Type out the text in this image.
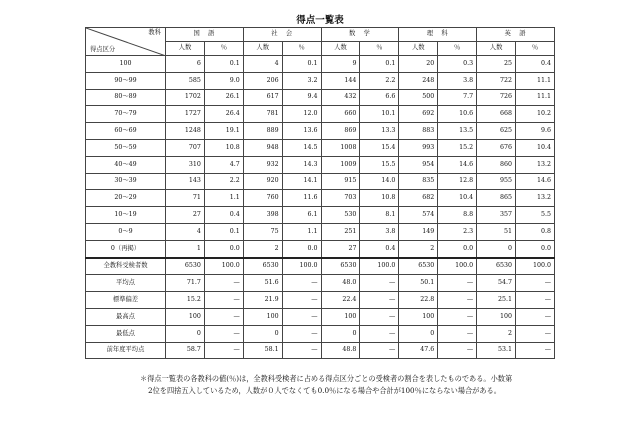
得点一覧表
教科
得点区分	国　語		社　会		数　学		理　科		英　語	
	人数	％	人数	％	人数	％	人数	％	人数	％
100	6	0.1	4	0.1	9	0.1	20	0.3	25	0.4
90〜99	585	9.0	206	3.2	144	2.2	248	3.8	722	11.1
80〜89	1702	26.1	617	9.4	432	6.6	500	7.7	726	11.1
70〜79	1727	26.4	781	12.0	660	10.1	692	10.6	668	10.2
60〜69	1248	19.1	889	13.6	869	13.3	883	13.5	625	9.6
50〜59	707	10.8	948	14.5	1008	15.4	993	15.2	676	10.4
40〜49	310	4.7	932	14.3	1009	15.5	954	14.6	860	13.2
30〜39	143	2.2	920	14.1	915	14.0	835	12.8	955	14.6
20〜29	71	1.1	760	11.6	703	10.8	682	10.4	865	13.2
10〜19	27	0.4	398	6.1	530	8.1	574	8.8	357	5.5
0〜9	4	0.1	75	1.1	251	3.8	149	2.3	51	0.8
0（再掲）	1	0.0	2	0.0	27	0.4	2	0.0	0	0.0
全教科受検者数	6530	100.0	6530	100.0	6530	100.0	6530	100.0	6530	100.0
平均点	71.7	—	51.6	—	48.0	—	50.1	—	54.7	—
標準偏差	15.2	—	21.9	—	22.4	—	22.8	—	25.1	—
最高点	100	—	100	—	100	—	100	—	100	—
最低点	0	—	0	—	0	—	0	—	2	—
前年度平均点	58.7	—	58.1	—	48.8	—	47.6	—	53.1	—
＊得点一覧表の各教科の値(％)は，全教科受検者に占める得点区分ごとの受検者の割合を表したものである。小数第
2位を四捨五入しているため，人数が０人でなくても0.0％になる場合や合計が100％にならない場合がある。
